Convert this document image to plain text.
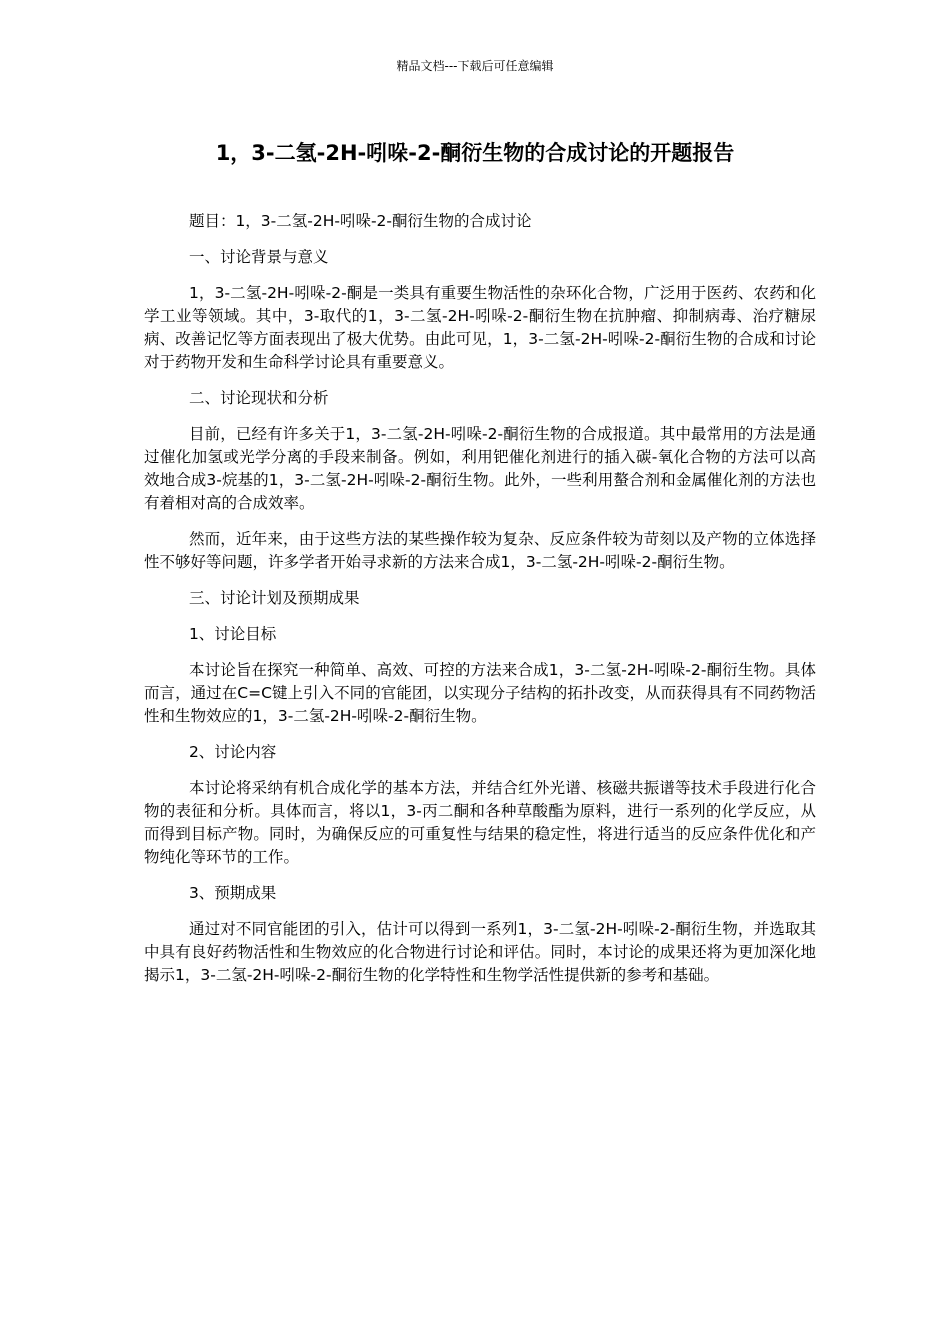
精品文档---下载后可任意编辑
1，3-二氢-2H-吲哚-2-酮衍生物的合成讨论的开题报告

题目：1，3-二氢-2H-吲哚-2-酮衍生物的合成讨论

一、讨论背景与意义

1，3-二氢-2H-吲哚-2-酮是一类具有重要生物活性的杂环化合物，广泛用于医药、农药和化学工业等领域。其中，3-取代的1，3-二氢-2H-吲哚-2-酮衍生物在抗肿瘤、抑制病毒、治疗糖尿病、改善记忆等方面表现出了极大优势。由此可见，1，3-二氢-2H-吲哚-2-酮衍生物的合成和讨论对于药物开发和生命科学讨论具有重要意义。

二、讨论现状和分析

目前，已经有许多关于1，3-二氢-2H-吲哚-2-酮衍生物的合成报道。其中最常用的方法是通过催化加氢或光学分离的手段来制备。例如，利用钯催化剂进行的插入碳-氧化合物的方法可以高效地合成3-烷基的1，3-二氢-2H-吲哚-2-酮衍生物。此外，一些利用螯合剂和金属催化剂的方法也有着相对高的合成效率。

然而，近年来，由于这些方法的某些操作较为复杂、反应条件较为苛刻以及产物的立体选择性不够好等问题，许多学者开始寻求新的方法来合成1，3-二氢-2H-吲哚-2-酮衍生物。

三、讨论计划及预期成果

1、讨论目标

本讨论旨在探究一种简单、高效、可控的方法来合成1，3-二氢-2H-吲哚-2-酮衍生物。具体而言，通过在C=C键上引入不同的官能团，以实现分子结构的拓扑改变，从而获得具有不同药物活性和生物效应的1，3-二氢-2H-吲哚-2-酮衍生物。

2、讨论内容

本讨论将采纳有机合成化学的基本方法，并结合红外光谱、核磁共振谱等技术手段进行化合物的表征和分析。具体而言，将以1，3-丙二酮和各种草酸酯为原料，进行一系列的化学反应，从而得到目标产物。同时，为确保反应的可重复性与结果的稳定性，将进行适当的反应条件优化和产物纯化等环节的工作。

3、预期成果

通过对不同官能团的引入，估计可以得到一系列1，3-二氢-2H-吲哚-2-酮衍生物，并选取其中具有良好药物活性和生物效应的化合物进行讨论和评估。同时，本讨论的成果还将为更加深化地揭示1，3-二氢-2H-吲哚-2-酮衍生物的化学特性和生物学活性提供新的参考和基础。
